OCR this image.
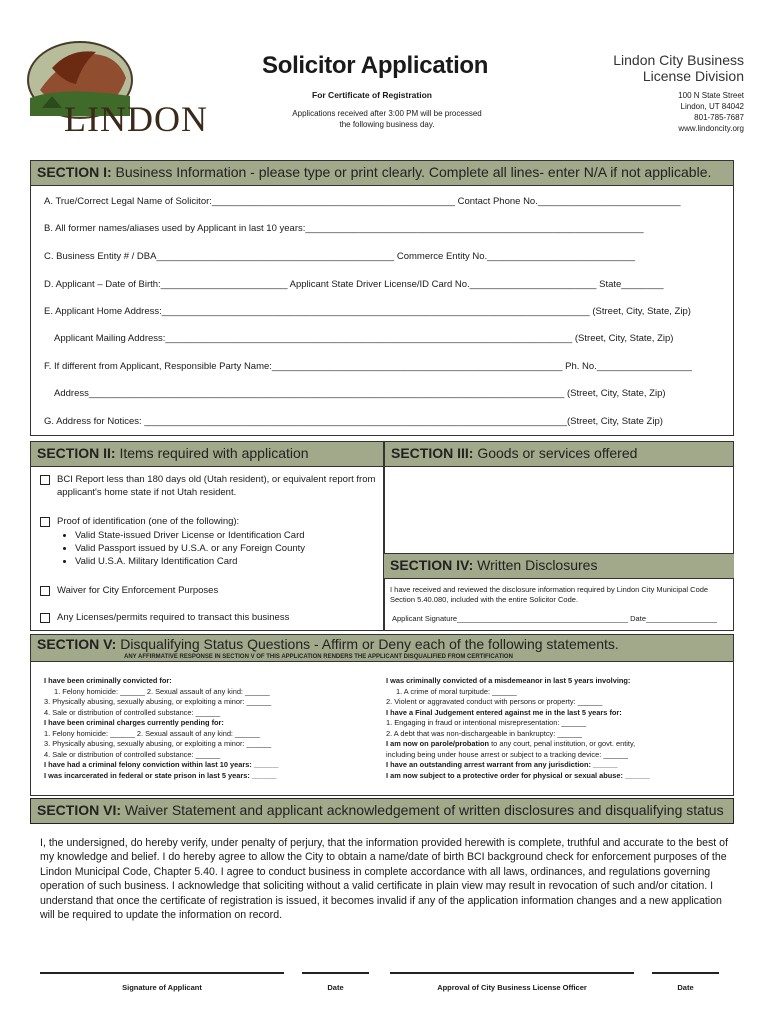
LINDON
Solicitor Application
For Certificate of Registration
Applications received after 3:00 PM will be processed the following business day.
Lindon City Business
License Division
100 N State Street
Lindon, UT 84042
801-785-7687
www.lindoncity.org
SECTION I: Business Information - please type or print clearly. Complete all lines- enter N/A if not applicable.
A. True/Correct Legal Name of Solicitor:______________________________________________ Contact Phone No.___________________________
B. All former names/aliases used by Applicant in last 10 years:________________________________________________________________
C. Business Entity # / DBA_____________________________________________ Commerce Entity No.____________________________
D. Applicant – Date of Birth:________________________ Applicant State Driver License/ID Card No.________________________ State________
E. Applicant Home Address:_________________________________________________________________________________ (Street, City, State, Zip)
Applicant Mailing Address:_____________________________________________________________________________ (Street, City, State, Zip)
F. If different from Applicant, Responsible Party Name:_______________________________________________________ Ph. No.__________________
Address__________________________________________________________________________________________ (Street, City, State, Zip)
G. Address for Notices: ________________________________________________________________________________(Street, City, State Zip)
SECTION II: Items required with application	SECTION III: Goods or services offered
BCI Report less than 180 days old (Utah resident), or equivalent report from applicant's home state if not Utah resident.
Proof of identification (one of the following):
• Valid State-issued Driver License or Identification Card
• Valid Passport issued by U.S.A. or any Foreign County
• Valid U.S.A. Military Identification Card
Waiver for City Enforcement Purposes
Any Licenses/permits required to transact this business
SECTION IV: Written Disclosures
I have received and reviewed the disclosure information required by Lindon City Municipal Code Section 5.40.080, included with the entire Solicitor Code.
Applicant Signature_________________________________________ Date_________________
SECTION V: Disqualifying Status Questions - Affirm or Deny each of the following statements.
ANY AFFIRMATIVE RESPONSE IN SECTION V OF THIS APPLICATION RENDERS THE APPLICANT DISQUALIFIED FROM CERTIFICATION
I have been criminally convicted for:
1. Felony homicide: ______ 2. Sexual assault of any kind: ______
3. Physically abusing, sexually abusing, or exploiting a minor: ______
4. Sale or distribution of controlled substance: ______
I have been criminal charges currently pending for:
1. Felony homicide: ______ 2. Sexual assault of any kind: ______
3. Physically abusing, sexually abusing, or exploiting a minor: ______
4. Sale or distribution of controlled substance: ______
I have had a criminal felony conviction within last 10 years: ______
I was incarcerated in federal or state prison in last 5 years: ______
I was criminally convicted of a misdemeanor in last 5 years involving:
1. A crime of moral turpitude: ______
2. Violent or aggravated conduct with persons or property: ______
I have a Final Judgement entered against me in the last 5 years for:
1. Engaging in fraud or intentional misrepresentation: ______
2. A debt that was non-dischargeable in bankruptcy: ______
I am now on parole/probation to any court, penal institution, or govt. entity,
including being under house arrest or subject to a tracking device: ______
I have an outstanding arrest warrant from any jurisdiction: ______
I am now subject to a protective order for physical or sexual abuse: ______
SECTION VI: Waiver Statement and applicant acknowledgement of written disclosures and disqualifying status
I, the undersigned, do hereby verify, under penalty of perjury, that the information provided herewith is complete, truthful and accurate to the best of my knowledge and belief. I do hereby agree to allow the City to obtain a name/date of birth BCI background check for enforcement purposes of the Lindon Municipal Code, Chapter 5.40. I agree to conduct business in complete accordance with all laws, ordinances, and regulations governing operation of such business. I acknowledge that soliciting without a valid certificate in plain view may result in revocation of such and/or citation. I understand that once the certificate of registration is issued, it becomes invalid if any of the application information changes and a new application will be required to update the information on record.
Signature of Applicant	Date	Approval of City Business License Officer	Date
